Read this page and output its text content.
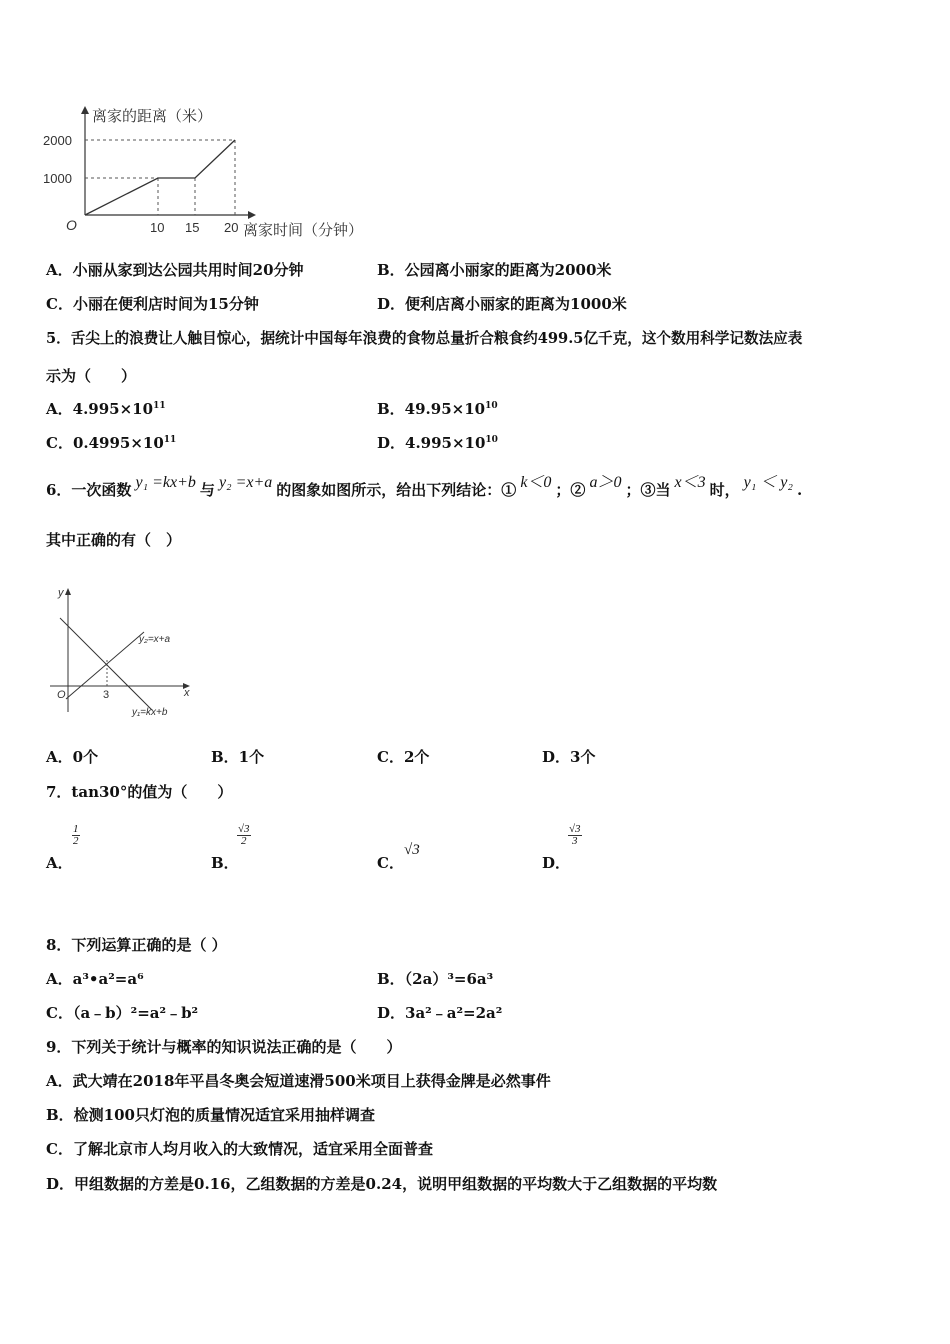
离家的距离（米）
离家时间（分钟）
O
2000
1000
10 15 20
A．小丽从家到达公园共用时间20分钟	B．公园离小丽家的距离为2000米
C．小丽在便利店时间为15分钟	D．便利店离小丽家的距离为1000米
5．舌尖上的浪费让人触目惊心，据统计中国每年浪费的食物总量折合粮食约499.5亿千克，这个数用科学记数法应表
示为（　　）
A．$4.995\times 10^{11}$	B．$49.95\times 10^{10}$
C．$0.4995\times 10^{11}$	D．$4.995\times 10^{10}$
6．一次函数 y₁ =kx+b 与 y₂ =x+a 的图象如图所示，给出下列结论：① k＜0 ；② a＞0 ；③当 x＜3 时， y₁ ＜ y₂ .
其中正确的有（　）
y
x
O	3
y₂=x+a
y₁=kx+b
A．0个	B．1个	C．2个	D．3个
7．tan30°的值为（　　）
A．
$\frac{1}{2}$
B．
$\frac{√3}{2}$
C．
√3
D．
$\frac{√3}{3}$
8．下列运算正确的是（ ）
A．a³•a²=a⁶	B．（2a）³=6a³
C．（a﹣b）²=a²﹣b²	D．3a²﹣a²=2a²
9．下列关于统计与概率的知识说法正确的是（　　）
A．武大靖在2018年平昌冬奥会短道速滑500米项目上获得金牌是必然事件
B．检测100只灯泡的质量情况适宜采用抽样调查
C．了解北京市人均月收入的大致情况，适宜采用全面普查
D．甲组数据的方差是0.16，乙组数据的方差是0.24，说明甲组数据的平均数大于乙组数据的平均数
